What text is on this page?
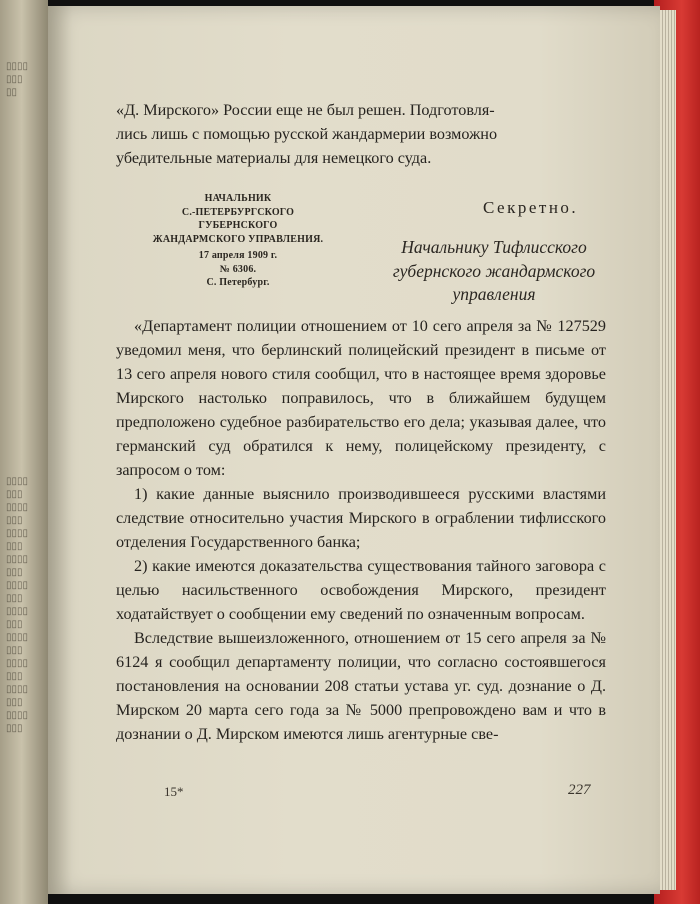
▯▯▯▯
▯▯▯
▯▯
▯▯▯▯
▯▯▯
▯▯▯▯
▯▯▯
▯▯▯▯
▯▯▯
▯▯▯▯
▯▯▯
▯▯▯▯
▯▯▯
▯▯▯▯
▯▯▯
▯▯▯▯
▯▯▯
▯▯▯▯
▯▯▯
▯▯▯▯
▯▯▯
▯▯▯▯
▯▯▯

«Д. Мирского» России еще не был решен. Подготовля-

лись лишь с помощью русской жандармерии возможно

убедительные материалы для немецкого суда.

НАЧАЛЬНИК
С.-ПЕТЕРБУРГСКОГО ГУБЕРНСКОГО
ЖАНДАРМСКОГО УПРАВЛЕНИЯ.
17 апреля 1909 г.
№ 6306.
С. Петербург.
Секретно.
Начальнику Тифлисского
губернского жандармского
управления

«Департамент полиции отношением от 10 сего апреля за № 127529 уведомил меня, что берлинский полицейский президент в письме от 13 сего апреля нового стиля сообщил, что в настоящее время здоровье Мирского настолько поправилось, что в ближайшем будущем предположено судебное разбирательство его дела; указывая далее, что германский суд обратился к нему, полицейскому президенту, с запросом о том:

1) какие данные выяснило производившееся русскими властями следствие относительно участия Мирского в ограблении тифлисского отделения Государственного банка;

2) какие имеются доказательства существования тайного заговора с целью насильственного освобождения Мирского, президент ходатайствует о сообщении ему сведений по означенным вопросам.

Вследствие вышеизложенного, отношением от 15 сего апреля за № 6124 я сообщил департаменту полиции, что согласно состоявшегося постановления на основании 208 статьи устава уг. суд. дознание о Д. Мирском 20 марта сего года за № 5000 препровождено вам и что в дознании о Д. Мирском имеются лишь агентурные све-

15*	227
